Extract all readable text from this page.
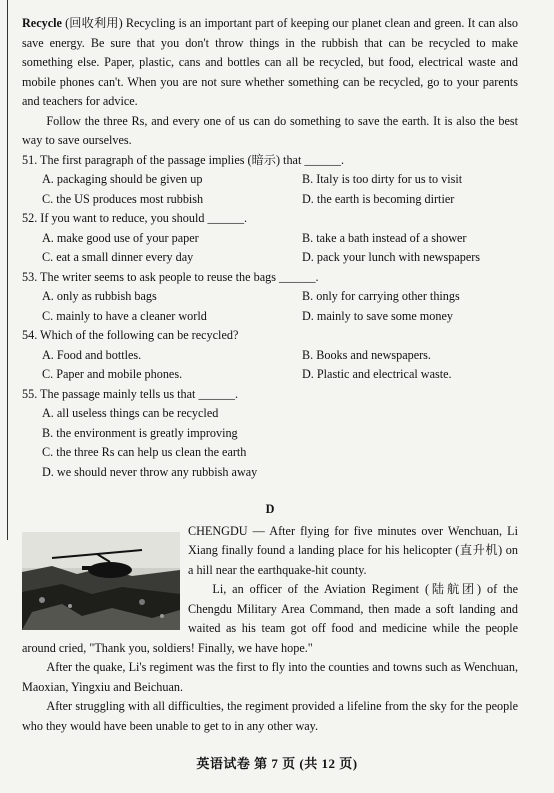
Recycle (回收利用) Recycling is an important part of keeping our planet clean and green. It can also save energy. Be sure that you don't throw things in the rubbish that can be recycled to make something else. Paper, plastic, cans and bottles can all be recycled, but food, electrical waste and mobile phones can't. When you are not sure whether something can be recycled, go to your parents and teachers for advice.

Follow the three Rs, and every one of us can do something to save the earth. It is also the best way to save ourselves.

51. The first paragraph of the passage implies (暗示) that ______.

A. packaging should be given up	B. Italy is too dirty for us to visit
C. the US produces most rubbish	D. the earth is becoming dirtier

52. If you want to reduce, you should ______.

A. make good use of your paper	B. take a bath instead of a shower
C. eat a small dinner every day	D. pack your lunch with newspapers

53. The writer seems to ask people to reuse the bags ______.

A. only as rubbish bags	B. only for carrying other things
C. mainly to have a cleaner world	D. mainly to save some money

54. Which of the following can be recycled?

A. Food and bottles.	B. Books and newspapers.
C. Paper and mobile phones.	D. Plastic and electrical waste.

55. The passage mainly tells us that ______.

A. all useless things can be recycled
B. the environment is greatly improving
C. the three Rs can help us clean the earth
D. we should never throw any rubbish away
D

CHENGDU — After flying for five minutes over Wenchuan, Li Xiang finally found a landing place for his helicopter (直升机) on a hill near the earthquake-hit county.

Li, an officer of the Aviation Regiment (陆航团) of the Chengdu Military Area Command, then made a soft landing and waited as his team got off food and medicine while the people around cried, "Thank you, soldiers! Finally, we have hope."

After the quake, Li's regiment was the first to fly into the counties and towns such as Wenchuan, Maoxian, Yingxiu and Beichuan.

After struggling with all difficulties, the regiment provided a lifeline from the sky for the people who they would have been unable to get to in any other way.

英语试卷 第 7 页 (共 12 页)
